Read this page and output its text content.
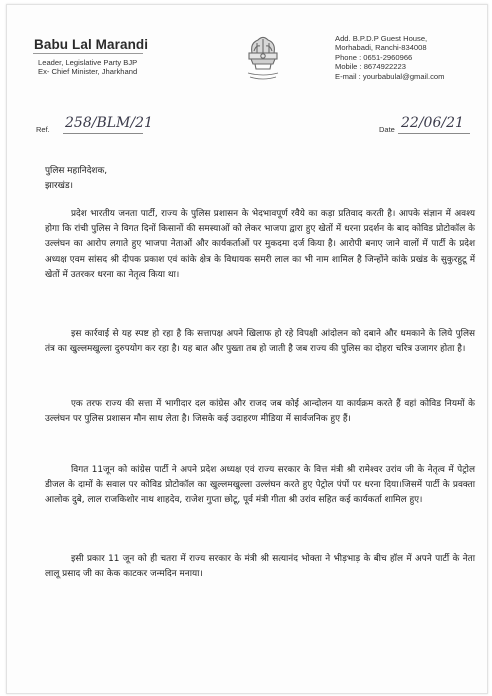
Babu Lal Marandi
Leader, Legislative Party BJP
Ex- Chief Minister, Jharkhand
Add. B.P.D.P Guest House,
Morhabadi, Ranchi-834008
Phone : 0651-2960966
Mobile : 8674922223
E-mail : yourbabulal@gmail.com
Ref. 258/BLM/21	Date 22/06/21
पुलिस महानिदेशक,
झारखंड।
प्रदेश भारतीय जनता पार्टी, राज्य के पुलिस प्रशासन के भेदभावपूर्ण रवैये का कड़ा प्रतिवाद करती है। आपके संज्ञान में अवश्य होगा कि रांची पुलिस ने विगत दिनों किसानों की समस्याओं को लेकर भाजपा द्वारा हुए खेतों में धरना प्रदर्शन के बाद कोविड प्रोटोकॉल के उल्लंघन का आरोप लगाते हुए भाजपा नेताओं और कार्यकर्ताओं पर मुकदमा दर्ज किया है। आरोपी बनाए जाने वालों में पार्टी के प्रदेश अध्यक्ष एवम सांसद श्री दीपक प्रकाश एवं कांके क्षेत्र के विधायक समरी लाल का भी नाम शामिल है जिन्होंने कांके प्रखंड के सुकुरहुटू में खेतों में उतरकर धरना का नेतृत्व किया था।
इस कार्रवाई से यह स्पष्ट हो रहा है कि सत्तापक्ष अपने खिलाफ हो रहे विपक्षी आंदोलन को दबाने और धमकाने के लिये पुलिस तंत्र का खुल्लमखुल्ला दुरुपयोग कर रहा है। यह बात और पुख्ता तब हो जाती है जब राज्य की पुलिस का दोहरा चरित्र उजागर होता है।
एक तरफ राज्य की सत्ता में भागीदार दल कांग्रेस और राजद जब कोई आन्दोलन या कार्यक्रम करते हैं वहां कोविड नियमों के उल्लंघन पर पुलिस प्रशासन मौन साध लेता है। जिसके कई उदाहरण मीडिया में सार्वजनिक हुए हैं।
विगत 11जून को कांग्रेस पार्टी ने अपने प्रदेश अध्यक्ष एवं राज्य सरकार के वित्त मंत्री श्री रामेश्वर उरांव जी के नेतृत्व में पेट्रोल डीजल के दामों के सवाल पर कोविड प्रोटोकॉल का खुल्लमखुल्ला उल्लंघन करते हुए पेट्रोल पंपों पर धरना दिया।जिसमें पार्टी के प्रवक्ता आलोक दुबे, लाल राजकिशोर नाथ शाहदेव, राजेश गुप्ता छोटू, पूर्व मंत्री गीता श्री उरांव सहित कई कार्यकर्ता शामिल हुए।
इसी प्रकार 11 जून को ही चतरा में राज्य सरकार के मंत्री श्री सत्यानंद भोक्ता ने भीड़भाड़ के बीच हॉल में अपने पार्टी के नेता लालू प्रसाद जी का केक काटकर जन्मदिन मनाया।
